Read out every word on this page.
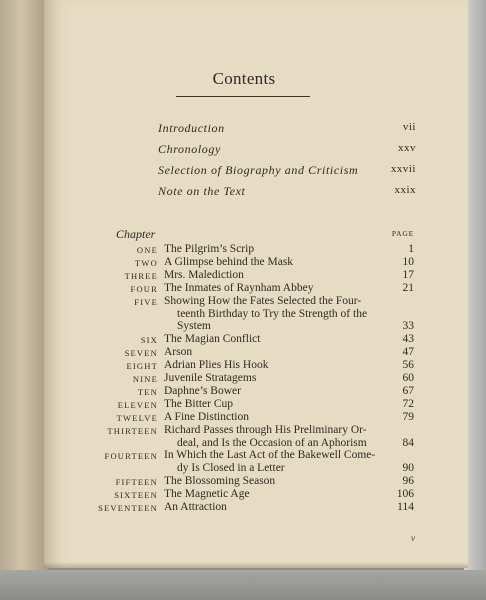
Contents
Introduction	vii
Chronology	xxv
Selection of Biography and Criticism	xxvii
Note on the Text	xxix
Chapter	PAGE
ONE The Pilgrim’s Scrip	1
TWO A Glimpse behind the Mask	10
THREE Mrs. Malediction	17
FOUR The Inmates of Raynham Abbey	21
FIVE Showing How the Fates Selected the Four-
teenth Birthday to Try the Strength of the
System	33
SIX The Magian Conflict	43
SEVEN Arson	47
EIGHT Adrian Plies His Hook	56
NINE Juvenile Stratagems	60
TEN Daphne’s Bower	67
ELEVEN The Bitter Cup	72
TWELVE A Fine Distinction	79
THIRTEEN Richard Passes through His Preliminary Or-
deal, and Is the Occasion of an Aphorism	84
FOURTEEN In Which the Last Act of the Bakewell Come-
dy Is Closed in a Letter	90
FIFTEEN The Blossoming Season	96
SIXTEEN The Magnetic Age	106
SEVENTEEN An Attraction	114
v
